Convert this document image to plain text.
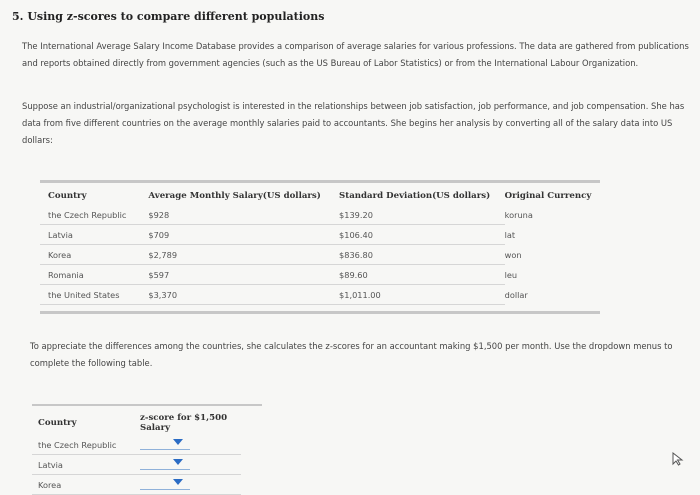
5. Using z-scores to compare different populations
The International Average Salary Income Database provides a comparison of average salaries for various professions. The data are gathered from publications and reports obtained directly from government agencies (such as the US Bureau of Labor Statistics) or from the International Labour Organization.
Suppose an industrial/organizational psychologist is interested in the relationships between job satisfaction, job performance, and job compensation. She has data from five different countries on the average monthly salaries paid to accountants. She begins her analysis by converting all of the salary data into US dollars:
Country	Average Monthly Salary(US dollars)	Standard Deviation(US dollars)	Original Currency
the Czech Republic	$928	$139.20	koruna
Latvia	$709	$106.40	lat
Korea	$2,789	$836.80	won
Romania	$597	$89.60	leu
the United States	$3,370	$1,011.00	dollar
To appreciate the differences among the countries, she calculates the z-scores for an accountant making $1,500 per month. Use the dropdown menus to complete the following table.
Country	z-score for $1,500 Salary
the Czech Republic	

Latvia	

Korea	
